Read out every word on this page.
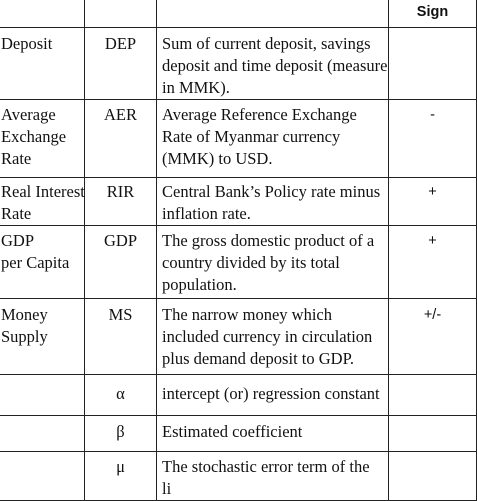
			Sign

Deposit	DEP	Sum of current deposit, savings
deposit and time deposit (measure
in MMK).	

Average
Exchange
Rate	AER	Average Reference Exchange
Rate of Myanmar currency
(MMK) to USD.	-

Real Interest
Rate	RIR	Central Bank’s Policy rate minus
inflation rate.	+

GDP
per Capita	GDP	The gross domestic product of a
country divided by its total
population.	+

Money
Supply	MS	The narrow money which
included currency in circulation
plus demand deposit to GDP.	+/-
	α	intercept (or) regression constant	

	β	Estimated coefficient	

	μ	The stochastic error term of the
li	
